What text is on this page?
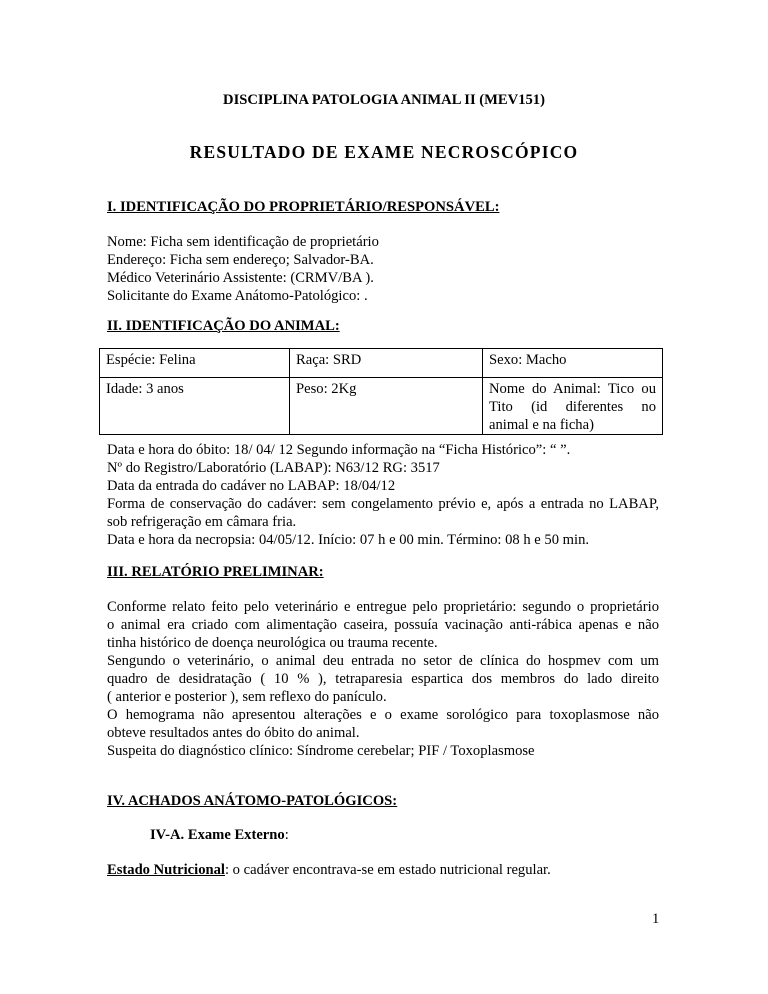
DISCIPLINA PATOLOGIA ANIMAL II (MEV151)
RESULTADO DE EXAME NECROSCÓPICO
I. IDENTIFICAÇÃO DO PROPRIETÁRIO/RESPONSÁVEL:
Nome: Ficha sem identificação de proprietário
Endereço: Ficha sem endereço; Salvador-BA.
Médico Veterinário Assistente: (CRMV/BA ).
Solicitante do Exame Anátomo-Patológico: .
II. IDENTIFICAÇÃO DO ANIMAL:
Espécie: Felina	Raça: SRD	Sexo: Macho
Idade: 3 anos	Peso: 2Kg	Nome do Animal: Tico ou
Tito (id diferentes no
animal e na ficha)
Data e hora do óbito: 18/ 04/ 12 Segundo informação na “Ficha Histórico”: “ ”.
Nº do Registro/Laboratório (LABAP): N63/12 RG: 3517
Data da entrada do cadáver no LABAP: 18/04/12
Forma de conservação do cadáver: sem congelamento prévio e, após a entrada no LABAP,
sob refrigeração em câmara fria.
Data e hora da necropsia: 04/05/12. Início: 07 h e 00 min. Término: 08 h e 50 min.
III. RELATÓRIO PRELIMINAR:
Conforme relato feito pelo veterinário e entregue pelo proprietário: segundo o proprietário
o animal era criado com alimentação caseira, possuía vacinação anti-rábica apenas e não
tinha histórico de doença neurológica ou trauma recente.
Sengundo o veterinário, o animal deu entrada no setor de clínica do hospmev com um
quadro de desidratação ( 10 % ), tetraparesia espartica dos membros do lado direito
( anterior e posterior ), sem reflexo do panículo.
O hemograma não apresentou alterações e o exame sorológico para toxoplasmose não
obteve resultados antes do óbito do animal.
Suspeita do diagnóstico clínico: Síndrome cerebelar; PIF / Toxoplasmose
IV. ACHADOS ANÁTOMO-PATOLÓGICOS:
IV-A. Exame Externo:
Estado Nutricional: o cadáver encontrava-se em estado nutricional regular.
1
